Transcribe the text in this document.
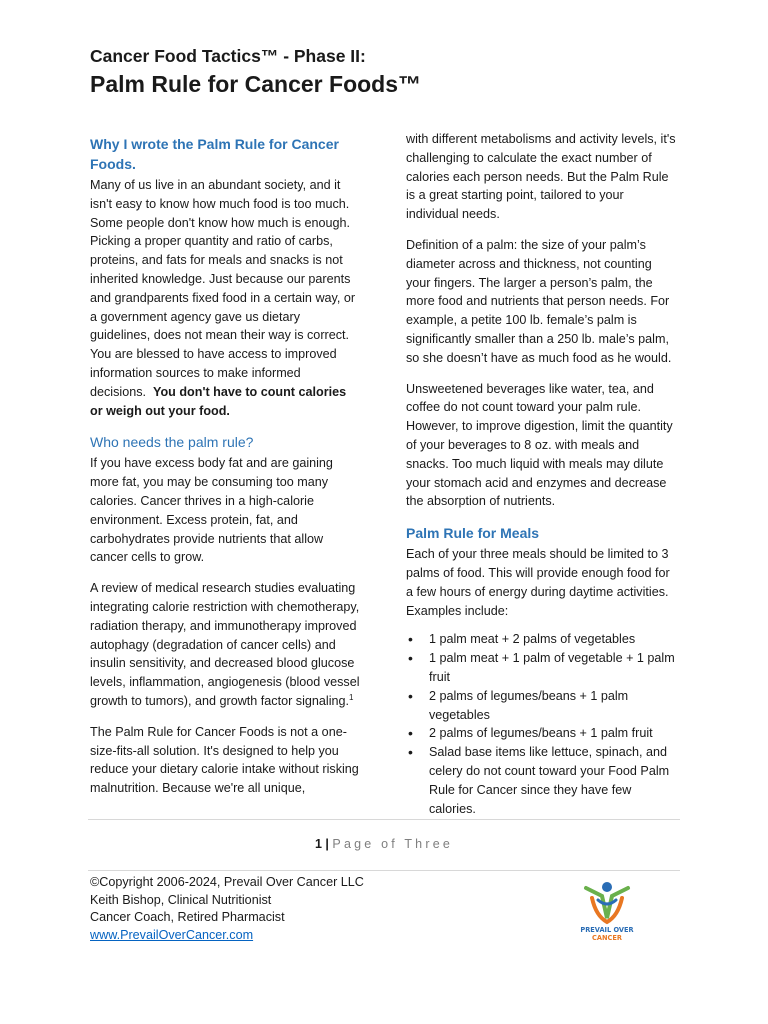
Cancer Food Tactics™ - Phase II:

Palm Rule for Cancer Foods™
Why I wrote the Palm Rule for Cancer Foods.

Many of us live in an abundant society, and it isn't easy to know how much food is too much. Some people don't know how much is enough. Picking a proper quantity and ratio of carbs, proteins, and fats for meals and snacks is not inherited knowledge. Just because our parents and grandparents fixed food in a certain way, or a government agency gave us dietary guidelines, does not mean their way is correct. You are blessed to have access to improved information sources to make informed decisions. You don't have to count calories or weigh out your food.

Who needs the palm rule?

If you have excess body fat and are gaining more fat, you may be consuming too many calories. Cancer thrives in a high-calorie environment. Excess protein, fat, and carbohydrates provide nutrients that allow cancer cells to grow.

A review of medical research studies evaluating integrating calorie restriction with chemotherapy, radiation therapy, and immunotherapy improved autophagy (degradation of cancer cells) and insulin sensitivity, and decreased blood glucose levels, inflammation, angiogenesis (blood vessel growth to tumors), and growth factor signaling.$^1$

The Palm Rule for Cancer Foods is not a one-size-fits-all solution. It's designed to help you reduce your dietary calorie intake without risking malnutrition. Because we're all unique,

with different metabolisms and activity levels, it's challenging to calculate the exact number of calories each person needs. But the Palm Rule is a great starting point, tailored to your individual needs.

Definition of a palm: the size of your palm’s diameter across and thickness, not counting your fingers. The larger a person’s palm, the more food and nutrients that person needs. For example, a petite 100 lb. female’s palm is significantly smaller than a 250 lb. male’s palm, so she doesn’t have as much food as he would.

Unsweetened beverages like water, tea, and coffee do not count toward your palm rule. However, to improve digestion, limit the quantity of your beverages to 8 oz. with meals and snacks. Too much liquid with meals may dilute your stomach acid and enzymes and decrease the absorption of nutrients.

Palm Rule for Meals

Each of your three meals should be limited to 3 palms of food. This will provide enough food for a few hours of energy during daytime activities. Examples include:

• 1 palm meat + 2 palms of vegetables
• 1 palm meat + 1 palm of vegetable + 1 palm fruit
• 2 palms of legumes/beans + 1 palm vegetables
• 2 palms of legumes/beans + 1 palm fruit
• Salad base items like lettuce, spinach, and celery do not count toward your Food Palm Rule for Cancer since they have few calories.
1 | Page of Three
©Copyright 2006-2024, Prevail Over Cancer LLC
Keith Bishop, Clinical Nutritionist
Cancer Coach, Retired Pharmacist
www.PrevailOverCancer.com	PREVAIL OVER
CANCER
